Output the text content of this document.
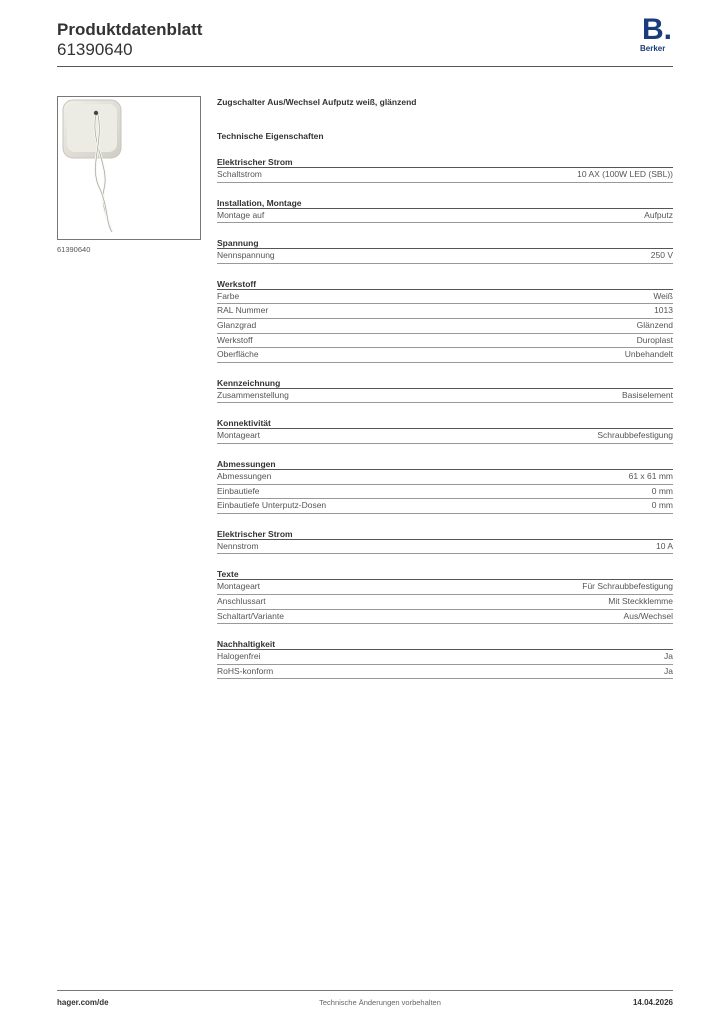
Produktdatenblatt
61390640
B.
Berker
61390640
Zugschalter Aus/Wechsel Aufputz weiß, glänzend
Technische Eigenschaften
Elektrischer Strom
Schaltstrom	10 AX (100W LED (SBL))
Installation, Montage
Montage auf	Aufputz
Spannung
Nennspannung	250 V
Werkstoff
Farbe	Weiß
RAL Nummer	1013
Glanzgrad	Glänzend
Werkstoff	Duroplast
Oberfläche	Unbehandelt
Kennzeichnung
Zusammenstellung	Basiselement
Konnektivität
Montageart	Schraubbefestigung
Abmessungen
Abmessungen	61 x 61 mm
Einbautiefe	0 mm
Einbautiefe Unterputz-Dosen	0 mm
Elektrischer Strom
Nennstrom	10 A
Texte
Montageart	Für Schraubbefestigung
Anschlussart	Mit Steckklemme
Schaltart/Variante	Aus/Wechsel
Nachhaltigkeit
Halogenfrei	Ja
RoHS-konform	Ja
hager.com/de	Technische Änderungen vorbehalten	14.04.2026
